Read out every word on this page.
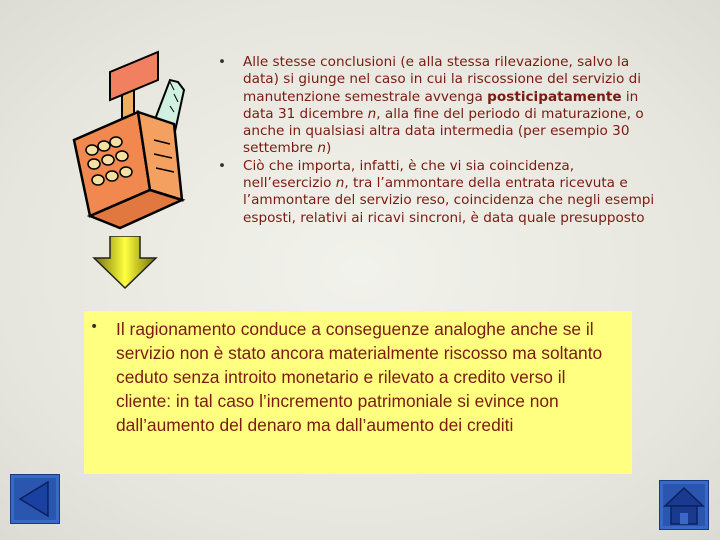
• Alle stesse conclusioni (e alla stessa rilevazione, salvo la data) si giunge nel caso in cui la riscossione del servizio di manutenzione semestrale avvenga posticipatamente in data 31 dicembre n, alla fine del periodo di maturazione, o anche in qualsiasi altra data intermedia (per esempio 30 settembre n)
• Ciò che importa, infatti, è che vi sia coincidenza, nell’esercizio n, tra l’ammontare della entrata ricevuta e l’ammontare del servizio reso, coincidenza che negli esempi esposti, relativi ai ricavi sincroni, è data quale presupposto
• Il ragionamento conduce a conseguenze analoghe anche se il servizio non è stato ancora materialmente riscosso ma soltanto ceduto senza introito monetario e rilevato a credito verso il cliente: in tal caso l’incremento patrimoniale si evince non dall’aumento del denaro ma dall’aumento dei crediti
